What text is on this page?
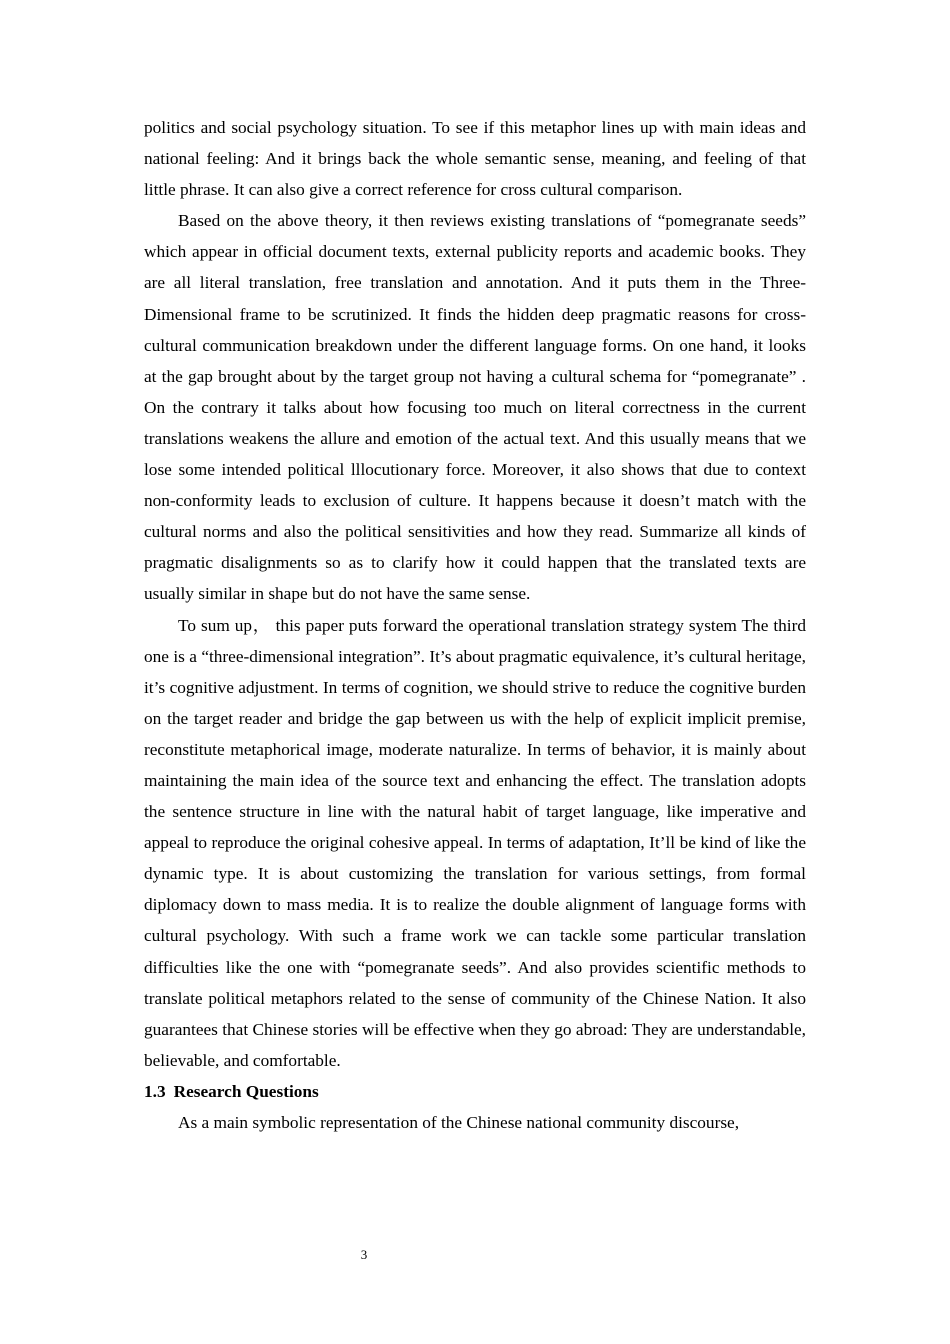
politics and social psychology situation. To see if this metaphor lines up with main ideas and national feeling: And it brings back the whole semantic sense, meaning, and feeling of that little phrase. It can also give a correct reference for cross cultural comparison.

Based on the above theory, it then reviews existing translations of “pomegranate seeds” which appear in official document texts, external publicity reports and academic books. They are all literal translation, free translation and annotation. And it puts them in the Three-Dimensional frame to be scrutinized. It finds the hidden deep pragmatic reasons for cross-cultural communication breakdown under the different language forms. On one hand, it looks at the gap brought about by the target group not having a cultural schema for “pomegranate” . On the contrary it talks about how focusing too much on literal correctness in the current translations weakens the allure and emotion of the actual text. And this usually means that we lose some intended political lllocutionary force. Moreover, it also shows that due to context non-conformity leads to exclusion of culture. It happens because it doesn’t match with the cultural norms and also the political sensitivities and how they read. Summarize all kinds of pragmatic disalignments so as to clarify how it could happen that the translated texts are usually similar in shape but do not have the same sense.

To sum up， this paper puts forward the operational translation strategy system The third one is a “three-dimensional integration”. It’s about pragmatic equivalence, it’s cultural heritage, it’s cognitive adjustment. In terms of cognition, we should strive to reduce the cognitive burden on the target reader and bridge the gap between us with the help of explicit implicit premise, reconstitute metaphorical image, moderate naturalize. In terms of behavior, it is mainly about maintaining the main idea of the source text and enhancing the effect. The translation adopts the sentence structure in line with the natural habit of target language, like imperative and appeal to reproduce the original cohesive appeal. In terms of adaptation, It’ll be kind of like the dynamic type. It is about customizing the translation for various settings, from formal diplomacy down to mass media. It is to realize the double alignment of language forms with cultural psychology. With such a frame work we can tackle some particular translation difficulties like the one with “pomegranate seeds”. And also provides scientific methods to translate political metaphors related to the sense of community of the Chinese Nation. It also guarantees that Chinese stories will be effective when they go abroad: They are understandable, believable, and comfortable.

1.3 Research Questions

As a main symbolic representation of the Chinese national community discourse,

3
